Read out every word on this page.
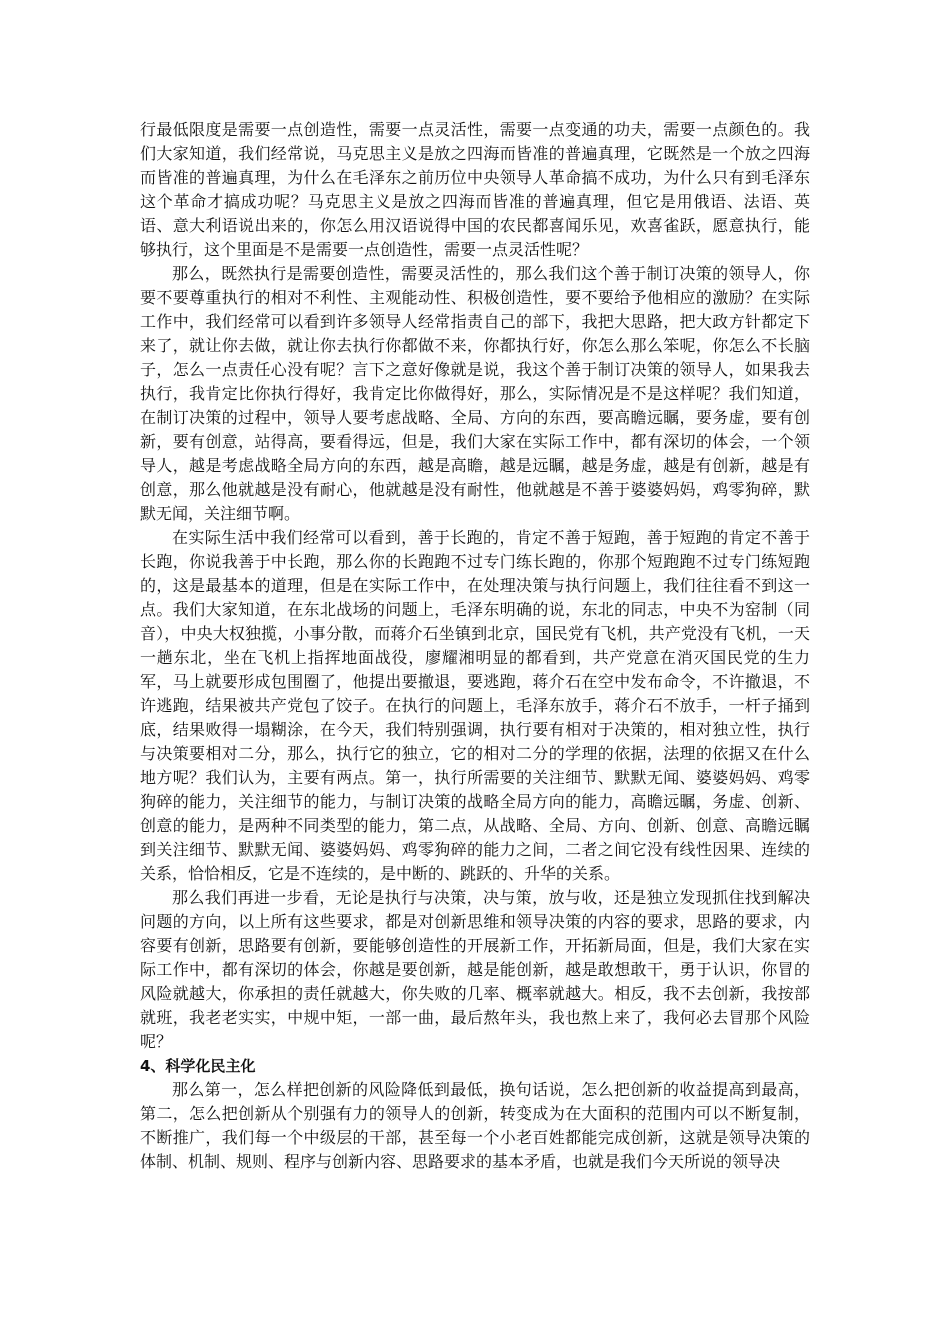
行最低限度是需要一点创造性，需要一点灵活性，需要一点变通的功夫，需要一点颜色的。我们大家知道，我们经常说，马克思主义是放之四海而皆准的普遍真理，它既然是一个放之四海而皆准的普遍真理，为什么在毛泽东之前历位中央领导人革命搞不成功，为什么只有到毛泽东这个革命才搞成功呢？马克思主义是放之四海而皆准的普遍真理，但它是用俄语、法语、英语、意大利语说出来的，你怎么用汉语说得中国的农民都喜闻乐见，欢喜雀跃，愿意执行，能够执行，这个里面是不是需要一点创造性，需要一点灵活性呢？

那么，既然执行是需要创造性，需要灵活性的，那么我们这个善于制订决策的领导人，你要不要尊重执行的相对不利性、主观能动性、积极创造性，要不要给予他相应的激励？在实际工作中，我们经常可以看到许多领导人经常指责自己的部下，我把大思路，把大政方针都定下来了，就让你去做，就让你去执行你都做不来，你都执行好，你怎么那么笨呢，你怎么不长脑子，怎么一点责任心没有呢？言下之意好像就是说，我这个善于制订决策的领导人，如果我去执行，我肯定比你执行得好，我肯定比你做得好，那么，实际情况是不是这样呢？我们知道，在制订决策的过程中，领导人要考虑战略、全局、方向的东西，要高瞻远瞩，要务虚，要有创新，要有创意，站得高，要看得远，但是，我们大家在实际工作中，都有深切的体会，一个领导人，越是考虑战略全局方向的东西，越是高瞻，越是远瞩，越是务虚，越是有创新，越是有创意，那么他就越是没有耐心，他就越是没有耐性，他就越是不善于婆婆妈妈，鸡零狗碎，默默无闻，关注细节啊。

在实际生活中我们经常可以看到，善于长跑的，肯定不善于短跑，善于短跑的肯定不善于长跑，你说我善于中长跑，那么你的长跑跑不过专门练长跑的，你那个短跑跑不过专门练短跑的，这是最基本的道理，但是在实际工作中，在处理决策与执行问题上，我们往往看不到这一点。我们大家知道，在东北战场的问题上，毛泽东明确的说，东北的同志，中央不为窑制（同音），中央大权独揽，小事分散，而蒋介石坐镇到北京，国民党有飞机，共产党没有飞机，一天一趟东北，坐在飞机上指挥地面战役，廖耀湘明显的都看到，共产党意在消灭国民党的生力军，马上就要形成包围圈了，他提出要撤退，要逃跑，蒋介石在空中发布命令，不许撤退，不许逃跑，结果被共产党包了饺子。在执行的问题上，毛泽东放手，蒋介石不放手，一杆子捅到底，结果败得一塌糊涂，在今天，我们特别强调，执行要有相对于决策的，相对独立性，执行与决策要相对二分，那么，执行它的独立，它的相对二分的学理的依据，法理的依据又在什么地方呢？我们认为，主要有两点。第一，执行所需要的关注细节、默默无闻、婆婆妈妈、鸡零狗碎的能力，关注细节的能力，与制订决策的战略全局方向的能力，高瞻远瞩，务虚、创新、创意的能力，是两种不同类型的能力，第二点，从战略、全局、方向、创新、创意、高瞻远瞩到关注细节、默默无闻、婆婆妈妈、鸡零狗碎的能力之间，二者之间它没有线性因果、连续的关系，恰恰相反，它是不连续的，是中断的、跳跃的、升华的关系。

那么我们再进一步看，无论是执行与决策，决与策，放与收，还是独立发现抓住找到解决问题的方向，以上所有这些要求，都是对创新思维和领导决策的内容的要求，思路的要求，内容要有创新，思路要有创新，要能够创造性的开展新工作，开拓新局面，但是，我们大家在实际工作中，都有深切的体会，你越是要创新，越是能创新，越是敢想敢干，勇于认识，你冒的风险就越大，你承担的责任就越大，你失败的几率、概率就越大。相反，我不去创新，我按部就班，我老老实实，中规中矩，一部一曲，最后熬年头，我也熬上来了，我何必去冒那个风险呢？

4、科学化民主化

那么第一，怎么样把创新的风险降低到最低，换句话说，怎么把创新的收益提高到最高，第二，怎么把创新从个别强有力的领导人的创新，转变成为在大面积的范围内可以不断复制，不断推广，我们每一个中级层的干部，甚至每一个小老百姓都能完成创新，这就是领导决策的体制、机制、规则、程序与创新内容、思路要求的基本矛盾，也就是我们今天所说的领导决
